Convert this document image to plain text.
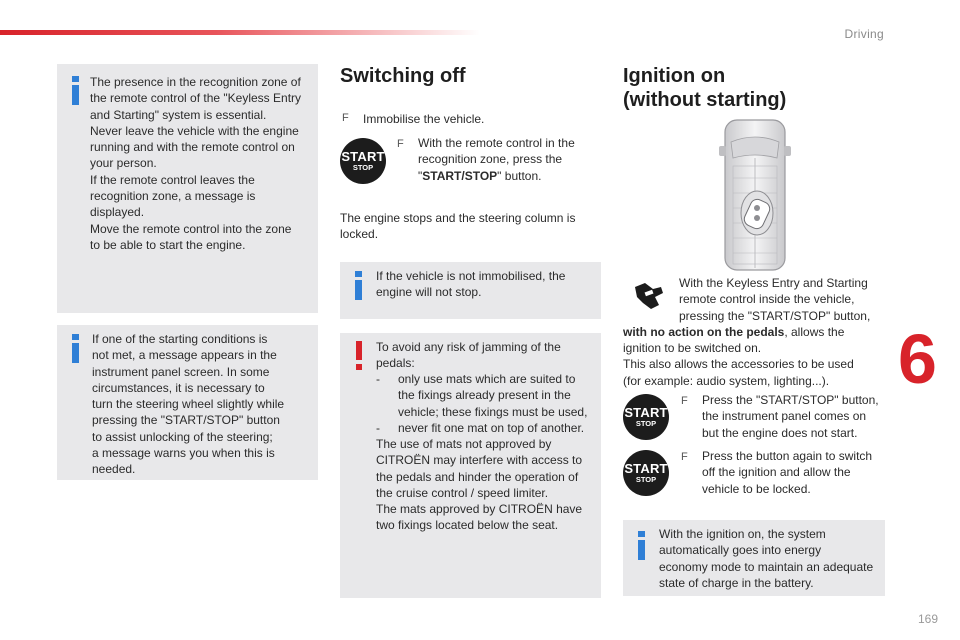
Driving
6
169
The presence in the recognition zone of
the remote control of the "Keyless Entry
and Starting" system is essential.
Never leave the vehicle with the engine
running and with the remote control on
your person.
If the remote control leaves the
recognition zone, a message is
displayed.
Move the remote control into the zone
to be able to start the engine.
If one of the starting conditions is
not met, a message appears in the
instrument panel screen. In some
circumstances, it is necessary to
turn the steering wheel slightly while
pressing the "START/STOP" button
to assist unlocking of the steering;
a message warns you when this is
needed.
Switching off
F Immobilise the vehicle.
START
STOP
F With the remote control in the
recognition zone, press the
"START/STOP" button.
The engine stops and the steering column is
locked.
If the vehicle is not immobilised, the
engine will not stop.
To avoid any risk of jamming of the
pedals:
- only use mats which are suited to
the fixings already present in the
vehicle; these fixings must be used,
- never fit one mat on top of another.
The use of mats not approved by
CITROËN may interfere with access to
the pedals and hinder the operation of
the cruise control / speed limiter.
The mats approved by CITROËN have
two fixings located below the seat.
Ignition on
(without starting)
With the Keyless Entry and Starting
remote control inside the vehicle,
pressing the "START/STOP" button,
with no action on the pedals, allows the
ignition to be switched on.
This also allows the accessories to be used
(for example: audio system, lighting...).
START
STOP
F Press the "START/STOP" button,
the instrument panel comes on
but the engine does not start.
START
STOP
F Press the button again to switch
off the ignition and allow the
vehicle to be locked.
With the ignition on, the system
automatically goes into energy
economy mode to maintain an adequate
state of charge in the battery.
